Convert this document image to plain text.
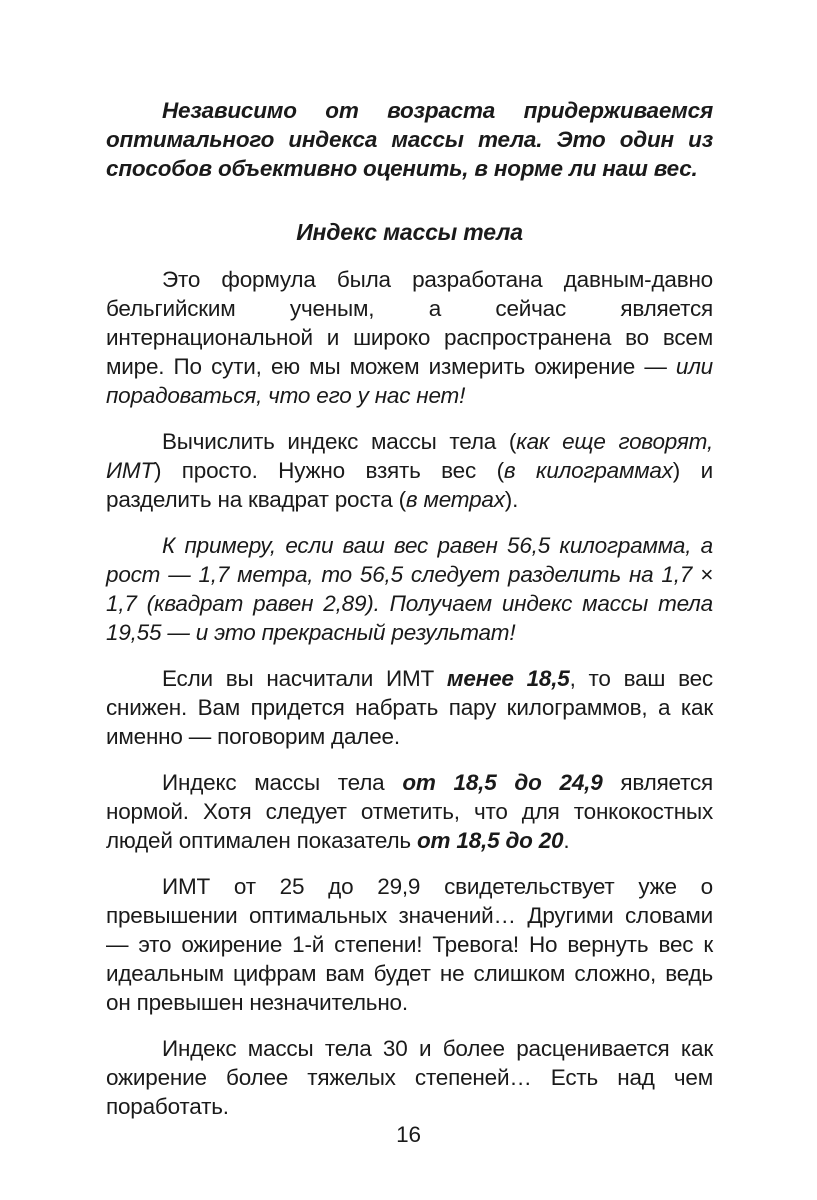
Независимо от возраста придерживаемся оптимального индекса массы тела. Это один из способов объективно оценить, в норме ли наш вес.

Индекс массы тела

Это формула была разработана давным-давно бельгийским ученым, а сейчас является интернациональной и широко распространена во всем мире. По сути, ею мы можем измерить ожирение — или порадоваться, что его у нас нет!

Вычислить индекс массы тела (как еще говорят, ИМТ) просто. Нужно взять вес (в килограммах) и разделить на квадрат роста (в метрах).

К примеру, если ваш вес равен 56,5 килограмма, а рост — 1,7 метра, то 56,5 следует разделить на 1,7 × 1,7 (квадрат равен 2,89). Получаем индекс массы тела 19,55 — и это прекрасный результат!

Если вы насчитали ИМТ менее 18,5, то ваш вес снижен. Вам придется набрать пару килограммов, а как именно — поговорим далее.

Индекс массы тела от 18,5 до 24,9 является нормой. Хотя следует отметить, что для тонкокостных людей оптимален показатель от 18,5 до 20.

ИМТ от 25 до 29,9 свидетельствует уже о превышении оптимальных значений… Другими словами — это ожирение 1-й степени! Тревога! Но вернуть вес к идеальным цифрам вам будет не слишком сложно, ведь он превышен незначительно.

Индекс массы тела 30 и более расценивается как ожирение более тяжелых степеней… Есть над чем поработать.

16
